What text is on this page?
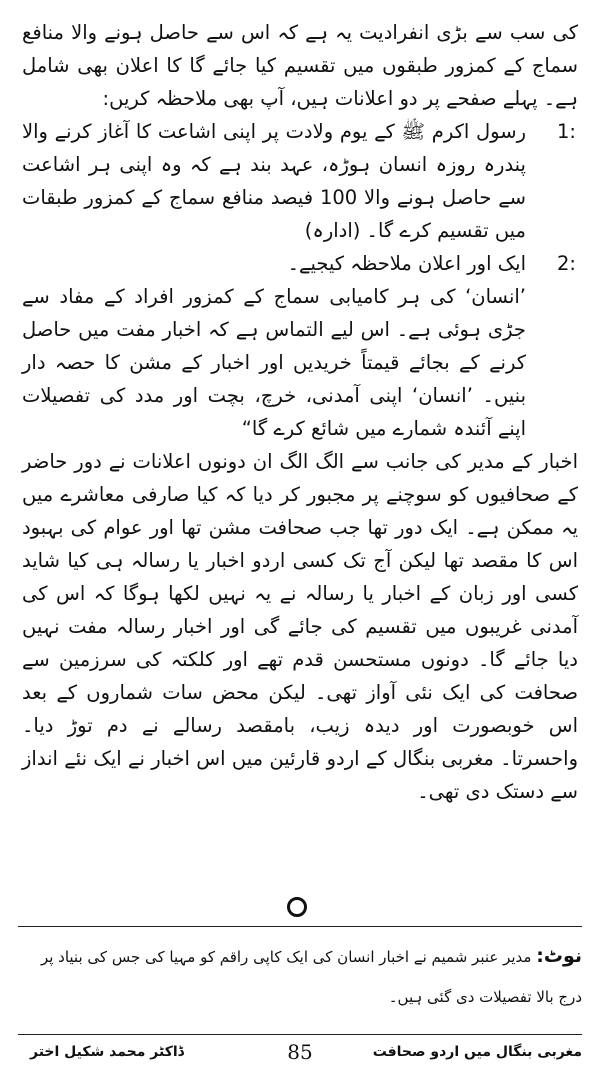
کی سب سے بڑی انفرادیت یہ ہے کہ اس سے حاصل ہونے والا منافع سماج کے کمزور طبقوں میں تقسیم کیا جائے گا کا اعلان بھی شامل ہے۔ پہلے صفحے پر دو اعلانات ہیں، آپ بھی ملاحظہ کریں:

1:
رسول اکرم ﷺ کے یوم ولادت پر اپنی اشاعت کا آغاز کرنے والا پندرہ روزہ انسان ہوڑہ، عہد بند ہے کہ وہ اپنی ہر اشاعت سے حاصل ہونے والا 100 فیصد منافع سماج کے کمزور طبقات میں تقسیم کرے گا۔ (ادارہ)
2:
ایک اور اعلان ملاحظہ کیجیے۔

’انسان‘ کی ہر کامیابی سماج کے کمزور افراد کے مفاد سے جڑی ہوئی ہے۔ اس لیے التماس ہے کہ اخبار مفت میں حاصل کرنے کے بجائے قیمتاً خریدیں اور اخبار کے مشن کا حصہ دار بنیں۔ ’انسان‘ اپنی آمدنی، خرچ، بچت اور مدد کی تفصیلات اپنے آئندہ شمارے میں شائع کرے گا“

اخبار کے مدیر کی جانب سے الگ الگ ان دونوں اعلانات نے دور حاضر کے صحافیوں کو سوچنے پر مجبور کر دیا کہ کیا صارفی معاشرے میں یہ ممکن ہے۔ ایک دور تھا جب صحافت مشن تھا اور عوام کی بہبود اس کا مقصد تھا لیکن آج تک کسی اردو اخبار یا رسالہ ہی کیا شاید کسی اور زبان کے اخبار یا رسالہ نے یہ نہیں لکھا ہوگا کہ اس کی آمدنی غریبوں میں تقسیم کی جائے گی اور اخبار رسالہ مفت نہیں دیا جائے گا۔ دونوں مستحسن قدم تھے اور کلکتہ کی سرزمین سے صحافت کی ایک نئی آواز تھی۔ لیکن محض سات شماروں کے بعد اس خوبصورت اور دیدہ زیب، بامقصد رسالے نے دم توڑ دیا۔ واحسرتا۔ مغربی بنگال کے اردو قارئین میں اس اخبار نے ایک نئے انداز سے دستک دی تھی۔

نوٹ: مدیر عنبر شمیم نے اخبار انسان کی ایک کاپی راقم کو مہیا کی جس کی بنیاد پر درج بالا تفصیلات دی گئی ہیں۔
مغربی بنگال میں اردو صحافت
85
ڈاکٹر محمد شکیل اختر
